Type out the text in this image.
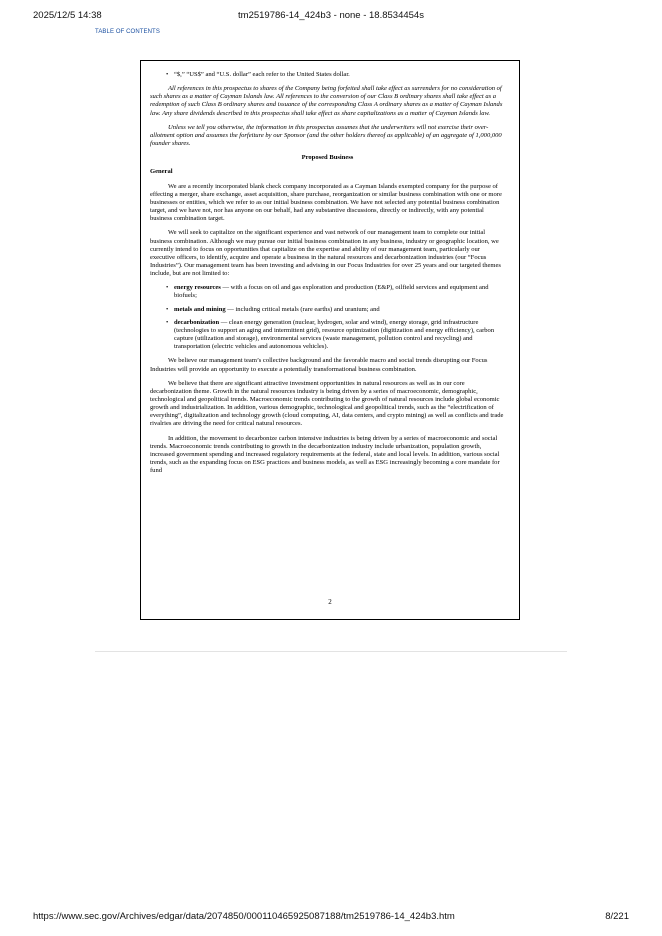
2025/12/5 14:38	tm2519786-14_424b3 - none - 18.8534454s
TABLE OF CONTENTS
• “$,” “US$” and “U.S. dollar” each refer to the United States dollar.

All references in this prospectus to shares of the Company being forfeited shall take effect as surrenders for no consideration of such shares as a matter of Cayman Islands law. All references to the conversion of our Class B ordinary shares shall take effect as a redemption of such Class B ordinary shares and issuance of the corresponding Class A ordinary shares as a matter of Cayman Islands law. Any share dividends described in this prospectus shall take effect as share capitalizations as a matter of Cayman Islands law.

Unless we tell you otherwise, the information in this prospectus assumes that the underwriters will not exercise their over-allotment option and assumes the forfeiture by our Sponsor (and the other holders thereof as applicable) of an aggregate of 1,000,000 founder shares.

Proposed Business

General

We are a recently incorporated blank check company incorporated as a Cayman Islands exempted company for the purpose of effecting a merger, share exchange, asset acquisition, share purchase, reorganization or similar business combination with one or more businesses or entities, which we refer to as our initial business combination. We have not selected any potential business combination target, and we have not, nor has anyone on our behalf, had any substantive discussions, directly or indirectly, with any potential business combination target.

We will seek to capitalize on the significant experience and vast network of our management team to complete our initial business combination. Although we may pursue our initial business combination in any business, industry or geographic location, we currently intend to focus on opportunities that capitalize on the expertise and ability of our management team, particularly our executive officers, to identify, acquire and operate a business in the natural resources and decarbonization industries (our “Focus Industries”). Our management team has been investing and advising in our Focus Industries for over 25 years and our targeted themes include, but are not limited to:

• energy resources — with a focus on oil and gas exploration and production (E&P), oilfield services and equipment and biofuels;
• metals and mining — including critical metals (rare earths) and uranium; and
• decarbonization — clean energy generation (nuclear, hydrogen, solar and wind), energy storage, grid infrastructure (technologies to support an aging and intermittent grid), resource optimization (digitization and energy efficiency), carbon capture (utilization and storage), environmental services (waste management, pollution control and recycling) and transportation (electric vehicles and autonomous vehicles).

We believe our management team’s collective background and the favorable macro and social trends disrupting our Focus Industries will provide an opportunity to execute a potentially transformational business combination.

We believe that there are significant attractive investment opportunities in natural resources as well as in our core decarbonization theme. Growth in the natural resources industry is being driven by a series of macroeconomic, demographic, technological and geopolitical trends. Macroeconomic trends contributing to the growth of natural resources include global economic growth and industrialization. In addition, various demographic, technological and geopolitical trends, such as the “electrification of everything”, digitalization and technology growth (cloud computing, AI, data centers, and crypto mining) as well as conflicts and trade rivalries are driving the need for critical natural resources.

In addition, the movement to decarbonize carbon intensive industries is being driven by a series of macroeconomic and social trends. Macroeconomic trends contributing to growth in the decarbonization industry include urbanization, population growth, increased government spending and increased regulatory requirements at the federal, state and local levels. In addition, various social trends, such as the expanding focus on ESG practices and business models, as well as ESG increasingly becoming a core mandate for fund

2
https://www.sec.gov/Archives/edgar/data/2074850/000110465925087188/tm2519786-14_424b3.htm	8/221
